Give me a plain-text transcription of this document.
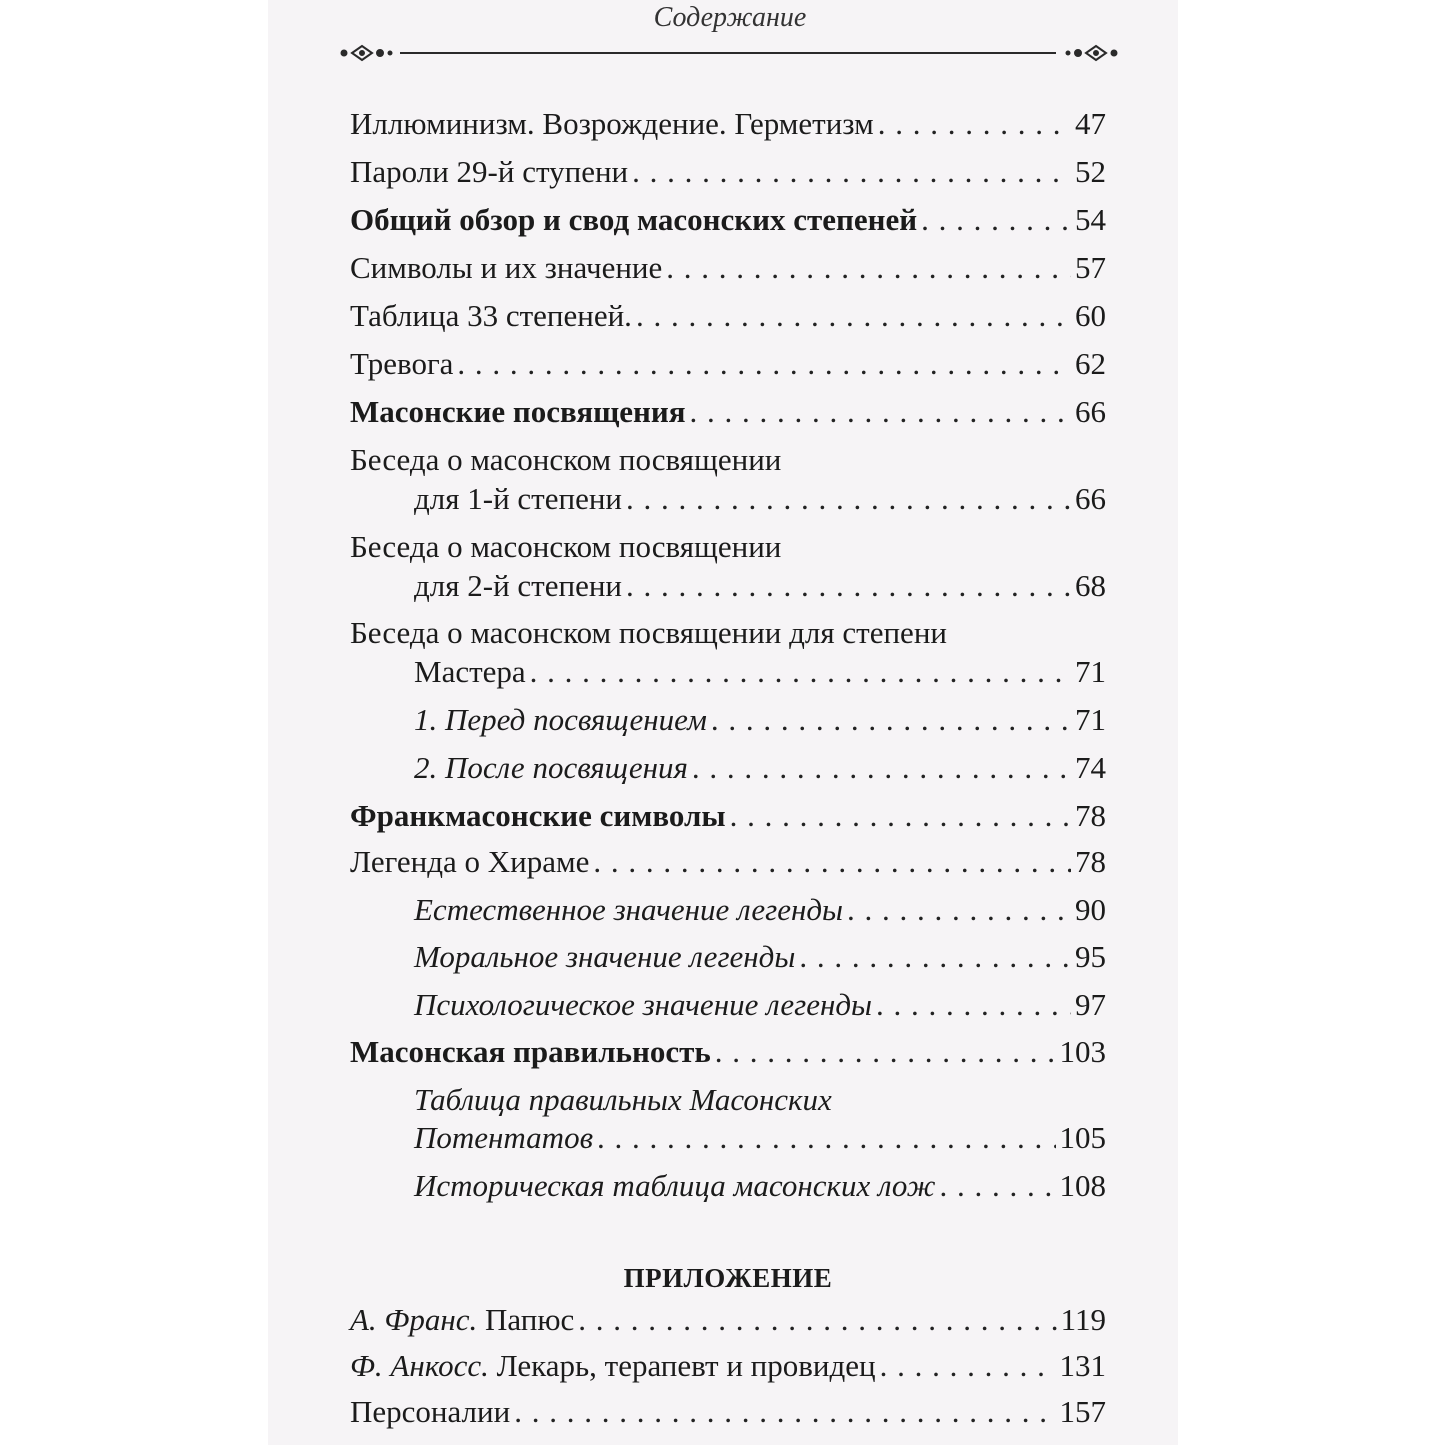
Содержание
Иллюминизм. Возрождение. Герметизм . . .	47
Пароли 29-й ступени . . .	52
Общий обзор и свод масонских степеней . . .	54
Символы и их значение . . .	57
Таблица 33 степеней. . . .	60
Тревога . . .	62
Масонские посвящения . . .	66
Беседа о масонском посвящении
для 1-й степени . . .	66
Беседа о масонском посвящении
для 2-й степени . . .	68
Беседа о масонском посвящении для степени
Мастера . . .	71
1. Перед посвящением . . .	71
2. После посвящения . . .	74
Франкмасонские символы . . .	78
Легенда о Хираме . . .	78
Естественное значение легенды . . .	90
Моральное значение легенды . . .	95
Психологическое значение легенды . . .	97
Масонская правильность . . .	103
Таблица правильных Масонских
Потентатов . . .	105
Историческая таблица масонских лож . . .	108
ПРИЛОЖЕНИЕ
А. Франс. Папюс . . .	119
Ф. Анкосс. Лекарь, терапевт и провидец . . .	131
Персоналии . . .	157
